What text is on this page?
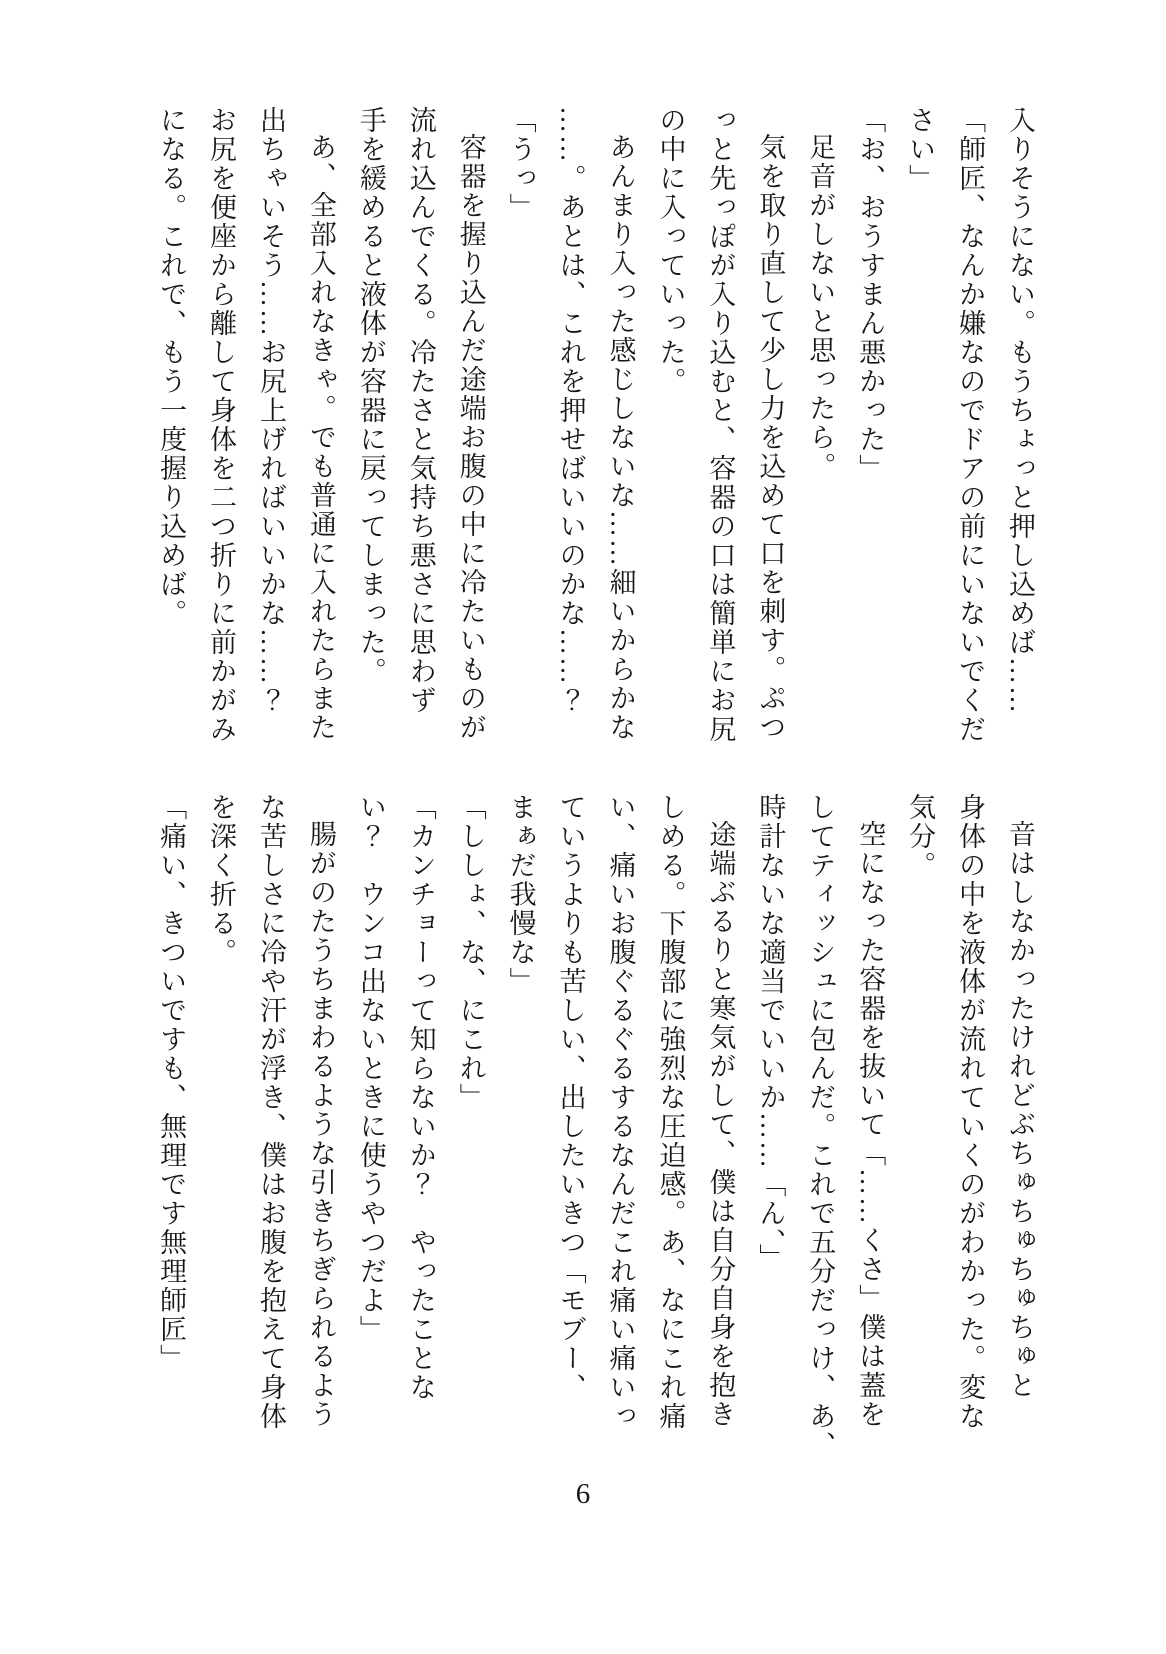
入りそうにない。もうちょっと押し込めば……

「師匠、なんか嫌なのでドアの前にいないでくだ

さい」

「お、おうすまん悪かった」

足音がしないと思ったら。

気を取り直して少し力を込めて口を刺す。ぷつ

っと先っぽが入り込むと、容器の口は簡単にお尻

の中に入っていった。

あんまり入った感じしないな……細いからかな

……。あとは、これを押せばいいのかな……？

「うっ」

容器を握り込んだ途端お腹の中に冷たいものが

流れ込んでくる。冷たさと気持ち悪さに思わず

手を緩めると液体が容器に戻ってしまった。

あ、全部入れなきゃ。でも普通に入れたらまた

出ちゃいそう……お尻上げればいいかな……？

お尻を便座から離して身体を二つ折りに前かがみ

になる。これで、もう一度握り込めば。

音はしなかったけれどぶちゅちゅちゅちゅと

身体の中を液体が流れていくのがわかった。変な

気分。

空になった容器を抜いて「……くさ」僕は蓋を

してティッシュに包んだ。これで五分だっけ、あ、

時計ないな適当でいいか……「ん、」

途端ぶるりと寒気がして、僕は自分自身を抱き

しめる。下腹部に強烈な圧迫感。あ、なにこれ痛

い、痛いお腹ぐるぐるするなんだこれ痛い痛いっ

ていうよりも苦しい、出したいきつ「モブー、

まぁだ我慢な」

「ししょ、な、にこれ」

「カンチョーって知らないか？　やったことな

い？　ウンコ出ないときに使うやつだよ」

腸がのたうちまわるような引きちぎられるよう

な苦しさに冷や汗が浮き、僕はお腹を抱えて身体

を深く折る。

「痛い、きついですも、無理です無理師匠」

6
